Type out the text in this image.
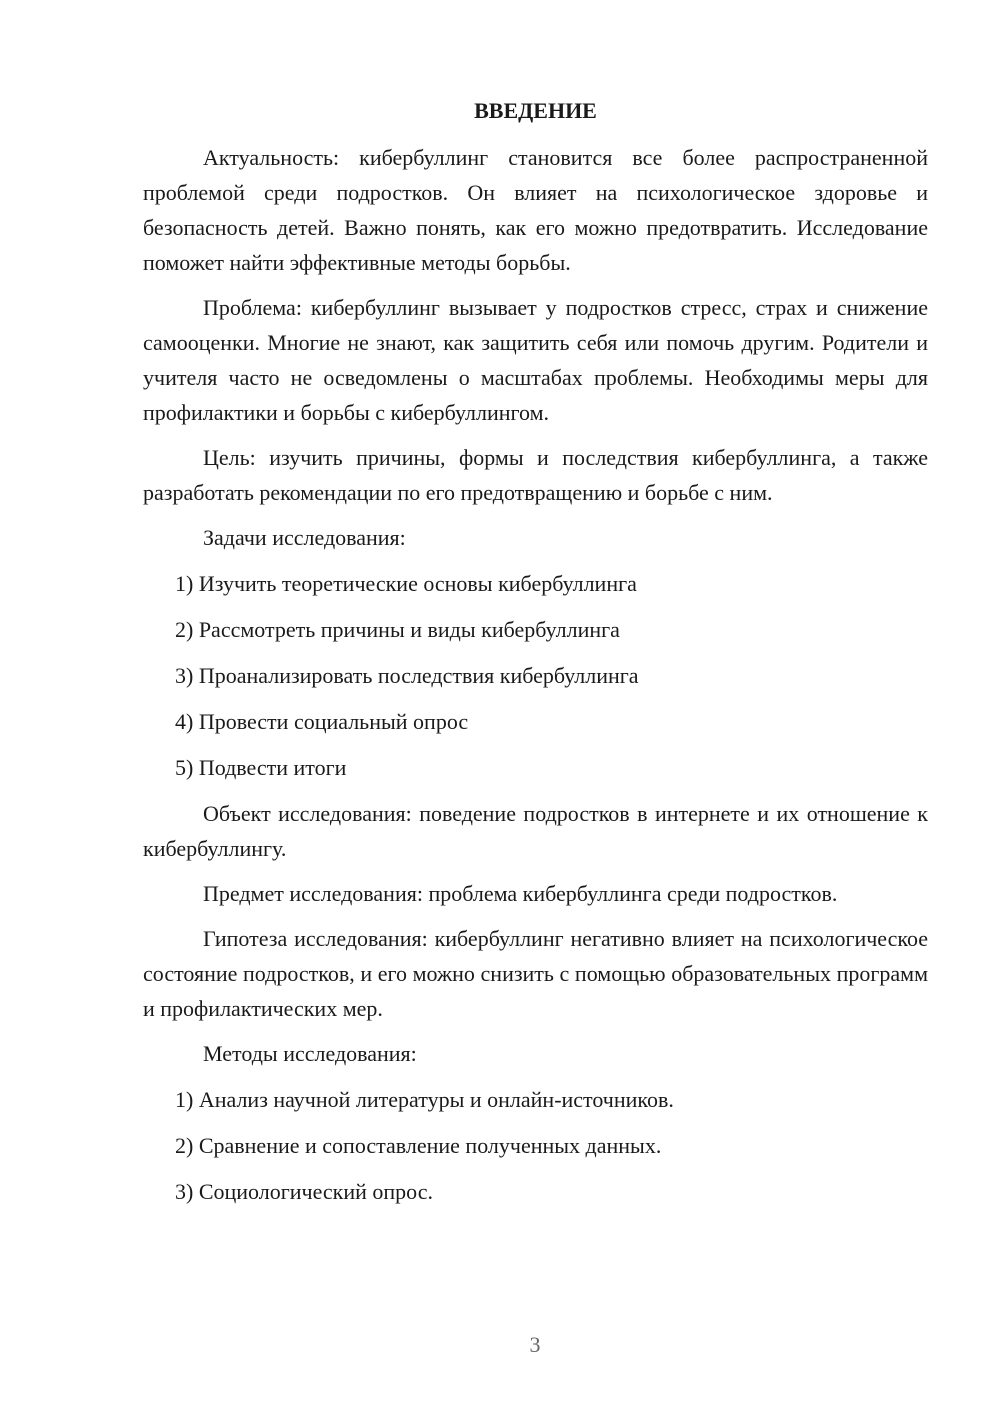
ВВЕДЕНИЕ

Актуальность: кибербуллинг становится все более распространенной проблемой среди подростков. Он влияет на психологическое здоровье и безопасность детей. Важно понять, как его можно предотвратить. Исследование поможет найти эффективные методы борьбы.

Проблема: кибербуллинг вызывает у подростков стресс, страх и снижение самооценки. Многие не знают, как защитить себя или помочь другим. Родители и учителя часто не осведомлены о масштабах проблемы. Необходимы меры для профилактики и борьбы с кибербуллингом.

Цель: изучить причины, формы и последствия кибербуллинга, а также разработать рекомендации по его предотвращению и борьбе с ним.

Задачи исследования:

1) Изучить теоретические основы кибербуллинга
2) Рассмотреть причины и виды кибербуллинга
3) Проанализировать последствия кибербуллинга
4) Провести социальный опрос
5) Подвести итоги

Объект исследования: поведение подростков в интернете и их отношение к кибербуллингу.

Предмет исследования: проблема кибербуллинга среди подростков.

Гипотеза исследования: кибербуллинг негативно влияет на психологическое состояние подростков, и его можно снизить с помощью образовательных программ и профилактических мер.

Методы исследования:

1) Анализ научной литературы и онлайн-источников.
2) Сравнение и сопоставление полученных данных.
3) Социологический опрос.
3
